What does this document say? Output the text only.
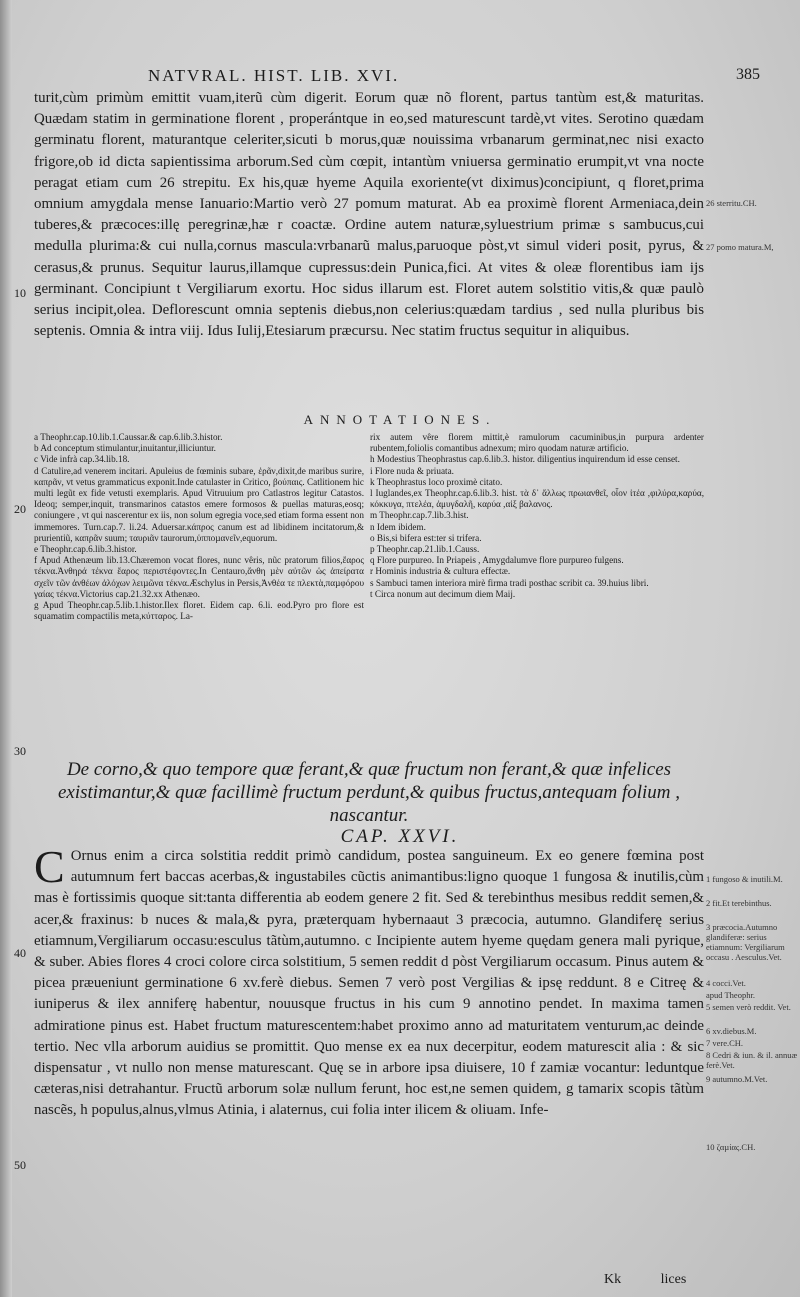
NATVRAL. HIST. LIB. XVI.	385
10
20
30
40
50

turit,cùm primùm emittit vuam,iterũ cùm digerit. Eorum quæ nõ florent, partus tantùm est,& maturitas. Quædam statim in germinatione florent , properántque in eo,sed maturescunt tardè,vt vites. Serotino quædam germinatu florent, maturantque celeriter,sicuti b morus,quæ nouissima vrbanarum germinat,nec nisi exacto frigore,ob id dicta sapientissima arborum.Sed cùm cœpit, intantùm vniuersa germinatio erumpit,vt vna nocte peragat etiam cum 26 strepitu. Ex his,quæ hyeme Aquila exoriente(vt diximus)concipiunt, q floret,prima omnium amygdala mense Ianuario:Martio verò 27 pomum maturat. Ab ea proximè florent Armeniaca,dein tuberes,& præcoces:illę peregrinæ,hæ r coactæ. Ordine autem naturæ,syluestrium primæ s sambucus,cui medulla plurima:& cui nulla,cornus mascula:vrbanarũ malus,paruoque pòst,vt simul videri posit, pyrus, & cerasus,& prunus. Sequitur laurus,illamque cupressus:dein Punica,fici. At vites & oleæ florentibus iam ijs germinant. Concipiunt t Vergiliarum exortu. Hoc sidus illarum est. Floret autem solstitio vitis,& quæ paulò serius incipit,olea. Deflorescunt omnia septenis diebus,non celerius:quædam tardius , sed nulla pluribus bis septenis. Omnia & intra viij. Idus Iulij,Etesiarum præcursu. Nec statim fructus sequitur in aliquibus.

26 sterritu.CH.
27 pomo matura.M,
ANNOTATIONES.
a Theophr.cap.10.lib.1.Caussar.& cap.6.lib.3.histor.
b Ad conceptum stimulantur,inuitantur,illiciuntur.
c Vide infrà cap.34.lib.18.
d Catulire,ad venerem incitari. Apuleius de fœminis subare, ἐρᾶν,dixit,de maribus surire, καπρᾶν, vt vetus grammaticus exponit.Inde catulaster in Critico, βούπαις. Catlitionem hic multi legũt ex fide vetusti exemplaris. Apud Vitruuium pro Catlastros legitur Catastos. Ideoq; semper,inquit, transmarinos catastos emere formosos & puellas maturas,eosq; coniungere , vt qui nascerentur ex iis, non solum egregia voce,sed etiam forma essent non immemores. Turn.cap.7. li.24. Aduersar.κάπρος canum est ad libidinem incitatorum,& prurientiũ, καπρᾶν suum; ταυριᾶν taurorum,ὑπποµανεῖν,equorum.
e Theophr.cap.6.lib.3.histor.
f Apud Athenæum lib.13.Chæremon vocat flores, nunc vêris, nũc pratorum filios,ἔαρος τέκνα.Ἀνθηρά τέκνα ἔαρος περιστέφοντες.In Centauro,ἄνθη µὲν αὐτῶν ὡς ἀπείρατα σχεῖν τῶν ἀνθέων ἀλόχων λειµῶνα τέκνα.Æschylus in Persis,Ἀνθέα τε πλεκτὰ,παµφόρου γαίας τέκνα.Victorius cap.21.32.xx Athenæo.
g Apud Theophr.cap.5.lib.1.histor.Ilex floret. Eidem cap. 6.li. eod.Pyro pro flore est squamatim compactilis meta,κύτταρος. La-
rix autem vêre florem mittit,è ramulorum cacuminibus,in purpura ardenter rubentem,foliolis comantibus adnexum; miro quodam naturæ artificio.
h Modestius Theophrastus cap.6.lib.3. histor. diligentius inquirendum id esse censet.
i Flore nuda & priuata.
k Theophrastus loco proximè citato.
l Iuglandes,ex Theophr.cap.6.lib.3. hist. τὰ δ᾽ ἄλλως πρωιανθεῖ, οἷον ἰτέα ,φιλύρα,καρύα, κόκκυγα, πτελέα, ἀμυγδαλῆ, καρύα ,αἰξ βαλανος.
m Theophr.cap.7.lib.3.hist.
n Idem ibidem.
o Bis,si bifera est:ter si trifera.
p Theophr.cap.21.lib.1.Causs.
q Flore purpureo. In Priapeis , Amygdalumve flore purpureo fulgens.
r Hominis industria & cultura effectæ.
s Sambuci tamen interiora mirè firma tradi posthac scribit ca. 39.huius libri.
t Circa nonum aut decimum diem Maij.
De corno,& quo tempore quæ ferant,& quæ fructum non ferant,& quæ infelices existimantur,& quæ facillimè fructum perdunt,& quibus fructus,antequam folium , nascantur.
CAP. XXVI.

C Ornus enim a circa solstitia reddit primò candidum, postea sanguineum. Ex eo genere fœmina post autumnum fert baccas acerbas,& ingustabiles cũctis animantibus:ligno quoque 1 fungosa & inutilis,cùm mas è fortissimis quoque sit:tanta differentia ab eodem genere 2 fit. Sed & terebinthus mesibus reddit semen,& acer,& fraxinus: b nuces & mala,& pyra, præterquam hybernaaut 3 præcocia, autumno. Glandiferę serius etiamnum,Vergiliarum occasu:esculus tãtùm,autumno. c Incipiente autem hyeme quędam genera mali pyrique, & suber. Abies flores 4 croci colore circa solstitium, 5 semen reddit d pòst Vergiliarum occasum. Pinus autem & picea præueniunt germinatione 6 xv.ferè diebus. Semen 7 verò post Vergilias & ipsę reddunt. 8 e Citreę & iuniperus & ilex anniferę habentur, nouusque fructus in his cum 9 annotino pendet. In maxima tamen admiratione pinus est. Habet fructum maturescentem:habet proximo anno ad maturitatem venturum,ac deinde tertio. Nec vlla arborum auidius se promittit. Quo mense ex ea nux decerpitur, eodem maturescit alia : & sic dispensatur , vt nullo non mense maturescant. Quę se in arbore ipsa diuisere, 10 f zamiæ vocantur: leduntque cæteras,nisi detrahantur. Fructũ arborum solæ nullum ferunt, hoc est,ne semen quidem, g tamarix scopis tãtùm nascẽs, h populus,alnus,vlmus Atinia, i alaternus, cui folia inter ilicem & oliuam. Infe-

1 fungoso & inutili.M.
2 fit.Et terebinthus.
3 præcocia.Autumno glandiferæ: serius etiamnum: Vergiliarum occasu . Aesculus.Vet.
4 cocci.Vet.
apud Theophr.
5 semen verò reddit. Vet.
6 xv.diebus.M.
7 vere.CH.
8 Cedri & iun. & il. annuæ ferè.Vet.
9 autumno.M.Vet.
10 ζαµίας.CH.
Kk	lices
